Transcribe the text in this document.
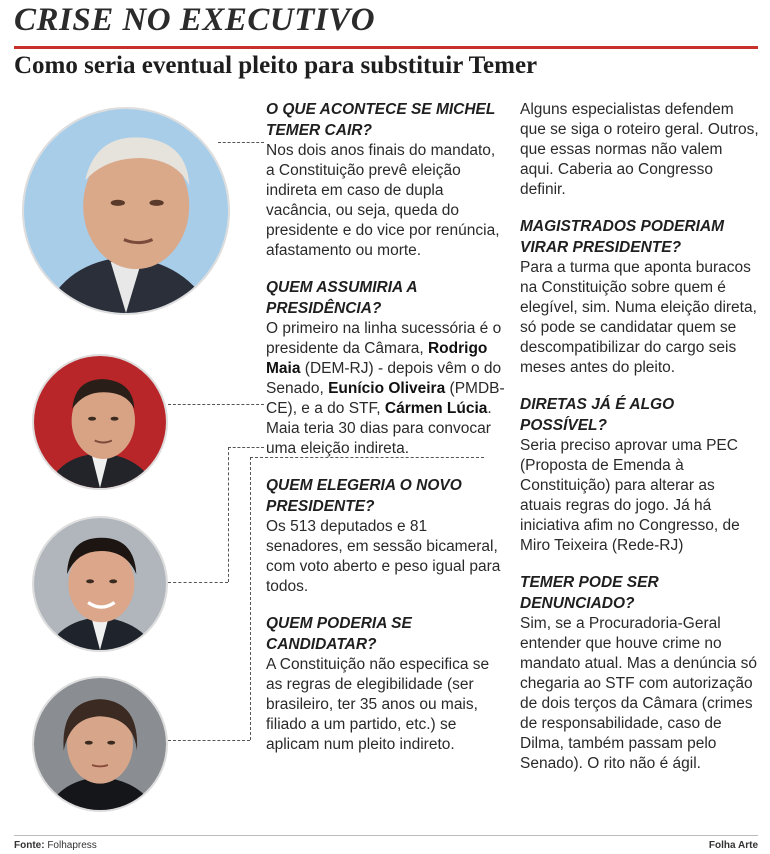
CRISE NO EXECUTIVO
Como seria eventual pleito para substituir Temer
O QUE ACONTECE SE MICHEL TEMER CAIR?
Nos dois anos finais do mandato, a Constituição prevê eleição indireta em caso de dupla vacância, ou seja, queda do presidente e do vice por renúncia, afastamento ou morte.
QUEM ASSUMIRIA A PRESIDÊNCIA?
O primeiro na linha sucessória é o presidente da Câmara, Rodrigo Maia (DEM-RJ) - depois vêm o do Senado, Eunício Oliveira (PMDB-CE), e a do STF, Cármen Lúcia. Maia teria 30 dias para convocar uma eleição indireta.
QUEM ELEGERIA O NOVO PRESIDENTE?
Os 513 deputados e 81 senadores, em sessão bicameral, com voto aberto e peso igual para todos.
QUEM PODERIA SE CANDIDATAR?
A Constituição não especifica se as regras de elegibilidade (ser brasileiro, ter 35 anos ou mais, filiado a um partido, etc.) se aplicam num pleito indireto.
Alguns especialistas defendem que se siga o roteiro geral. Outros, que essas normas não valem aqui. Caberia ao Congresso definir.
MAGISTRADOS PODERIAM VIRAR PRESIDENTE?
Para a turma que aponta buracos na Constituição sobre quem é elegível, sim. Numa eleição direta, só pode se candidatar quem se descompatibilizar do cargo seis meses antes do pleito.
DIRETAS JÁ É ALGO POSSÍVEL?
Seria preciso aprovar uma PEC (Proposta de Emenda à Constituição) para alterar as atuais regras do jogo. Já há iniciativa afim no Congresso, de Miro Teixeira (Rede-RJ)
TEMER PODE SER DENUNCIADO?
Sim, se a Procuradoria-Geral entender que houve crime no mandato atual. Mas a denúncia só chegaria ao STF com autorização de dois terços da Câmara (crimes de responsabilidade, caso de Dilma, também passam pelo Senado). O rito não é ágil.
Fonte: Folhapress	Folha Arte
